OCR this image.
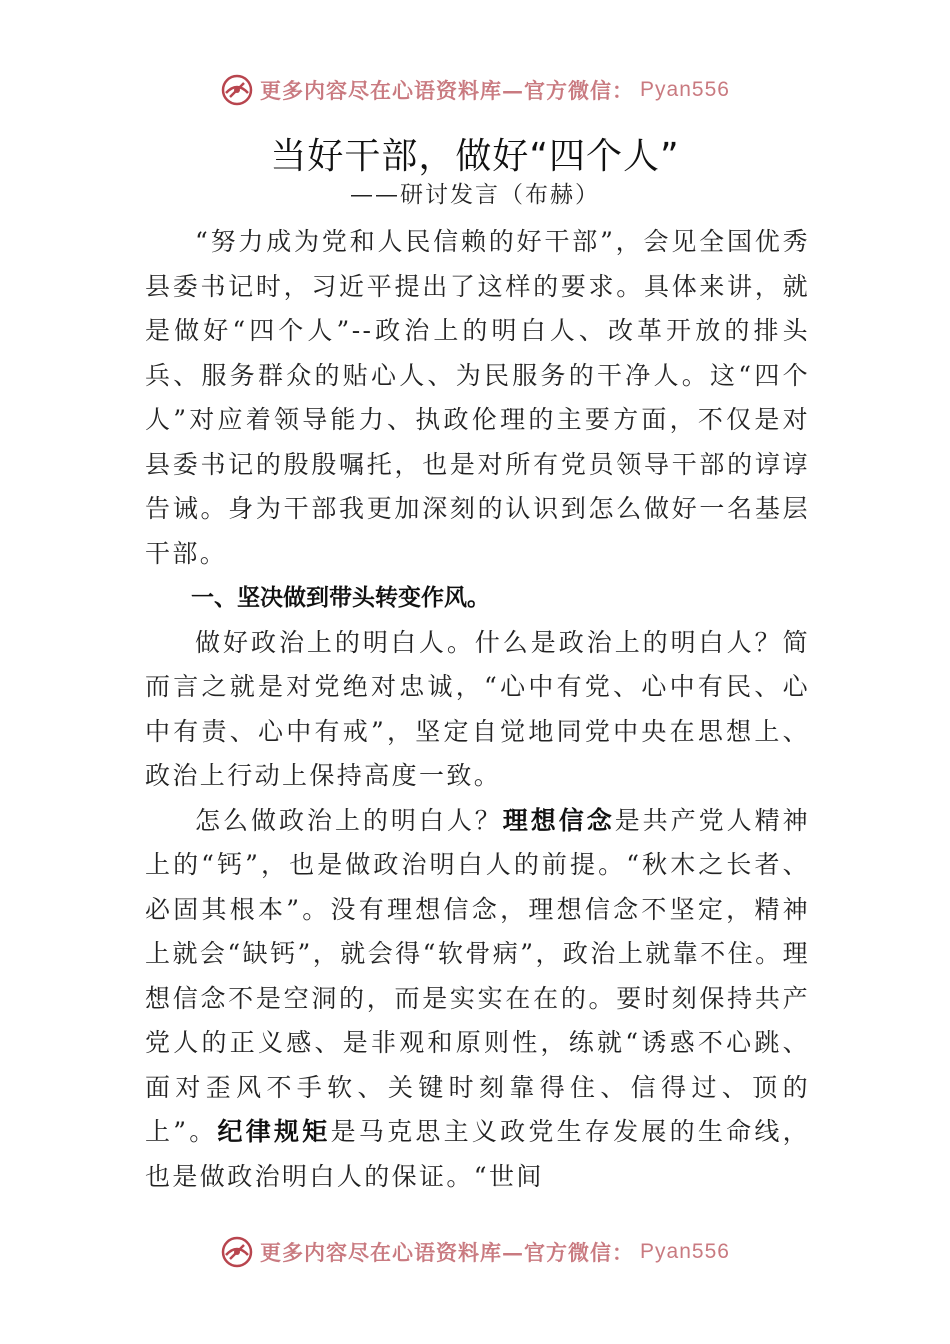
更多内容尽在心语资料库—官方微信： Pyan556
当好干部，做好“四个人”

——研讨发言（布赫）

“努力成为党和人民信赖的好干部”，会见全国优秀县委书记时，习近平提出了这样的要求。具体来讲，就是做好“四个人”--政治上的明白人、改革开放的排头兵、服务群众的贴心人、为民服务的干净人。这“四个人”对应着领导能力、执政伦理的主要方面，不仅是对县委书记的殷殷嘱托，也是对所有党员领导干部的谆谆告诫。身为干部我更加深刻的认识到怎么做好一名基层干部。

一、坚决做到带头转变作风。

做好政治上的明白人。什么是政治上的明白人？简而言之就是对党绝对忠诚，“心中有党、心中有民、心中有责、心中有戒”，坚定自觉地同党中央在思想上、政治上行动上保持高度一致。

怎么做政治上的明白人？理想信念是共产党人精神上的“钙”，也是做政治明白人的前提。“秋木之长者、必固其根本”。没有理想信念，理想信念不坚定，精神上就会“缺钙”，就会得“软骨病”，政治上就靠不住。理想信念不是空洞的，而是实实在在的。要时刻保持共产党人的正义感、是非观和原则性，练就“诱惑不心跳、面对歪风不手软、关键时刻靠得住、信得过、顶的上”。纪律规矩是马克思主义政党生存发展的生命线，也是做政治明白人的保证。“世间

更多内容尽在心语资料库—官方微信： Pyan556
